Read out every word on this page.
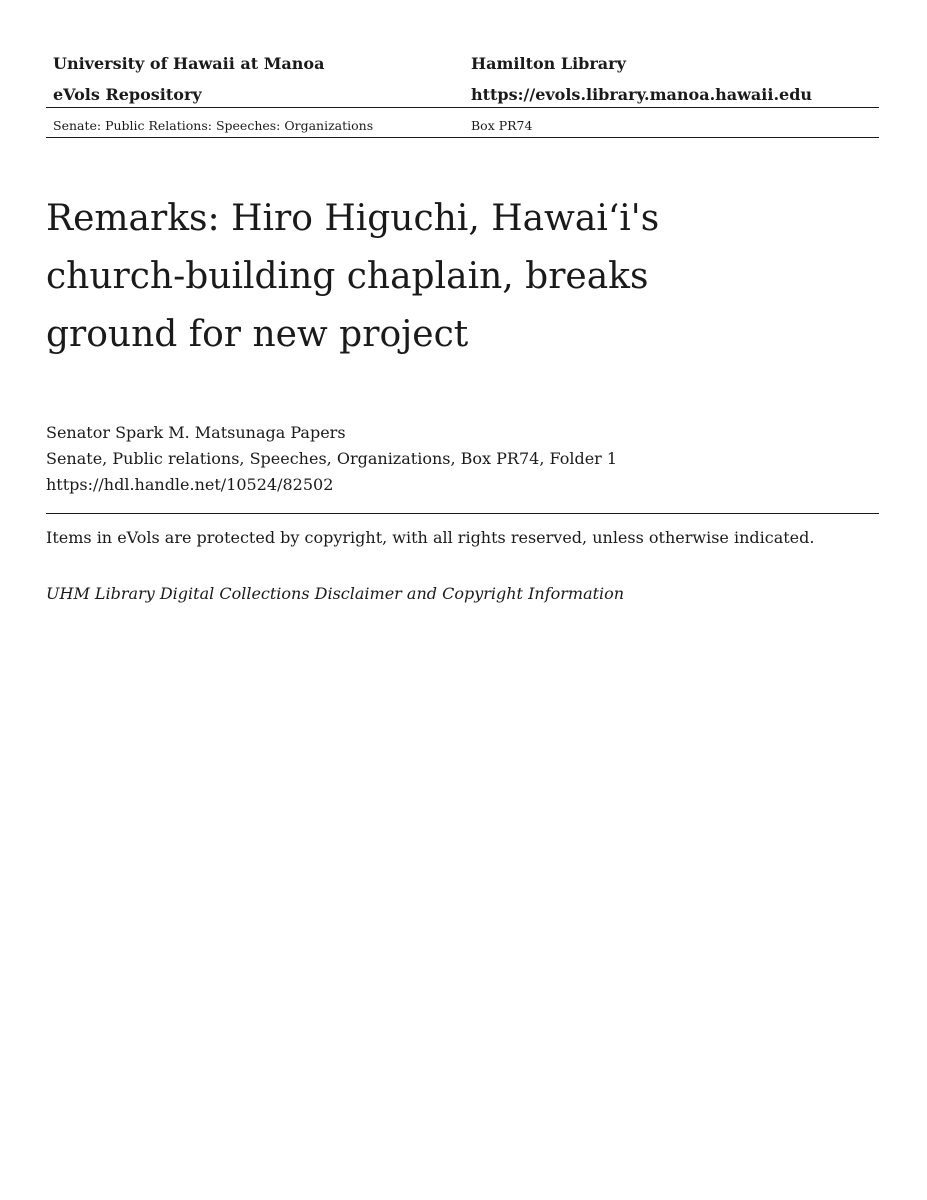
University of Hawaii at Manoa	Hamilton Library
eVols Repository	https://evols.library.manoa.hawaii.edu
Senate: Public Relations: Speeches: Organizations	Box PR74
Remarks: Hiro Higuchi, Hawai‘i's
church-building chaplain, breaks
ground for new project
Senator Spark M. Matsunaga Papers
Senate, Public relations, Speeches, Organizations, Box PR74, Folder 1
https://hdl.handle.net/10524/82502
Items in eVols are protected by copyright, with all rights reserved, unless otherwise indicated.
UHM Library Digital Collections Disclaimer and Copyright Information
